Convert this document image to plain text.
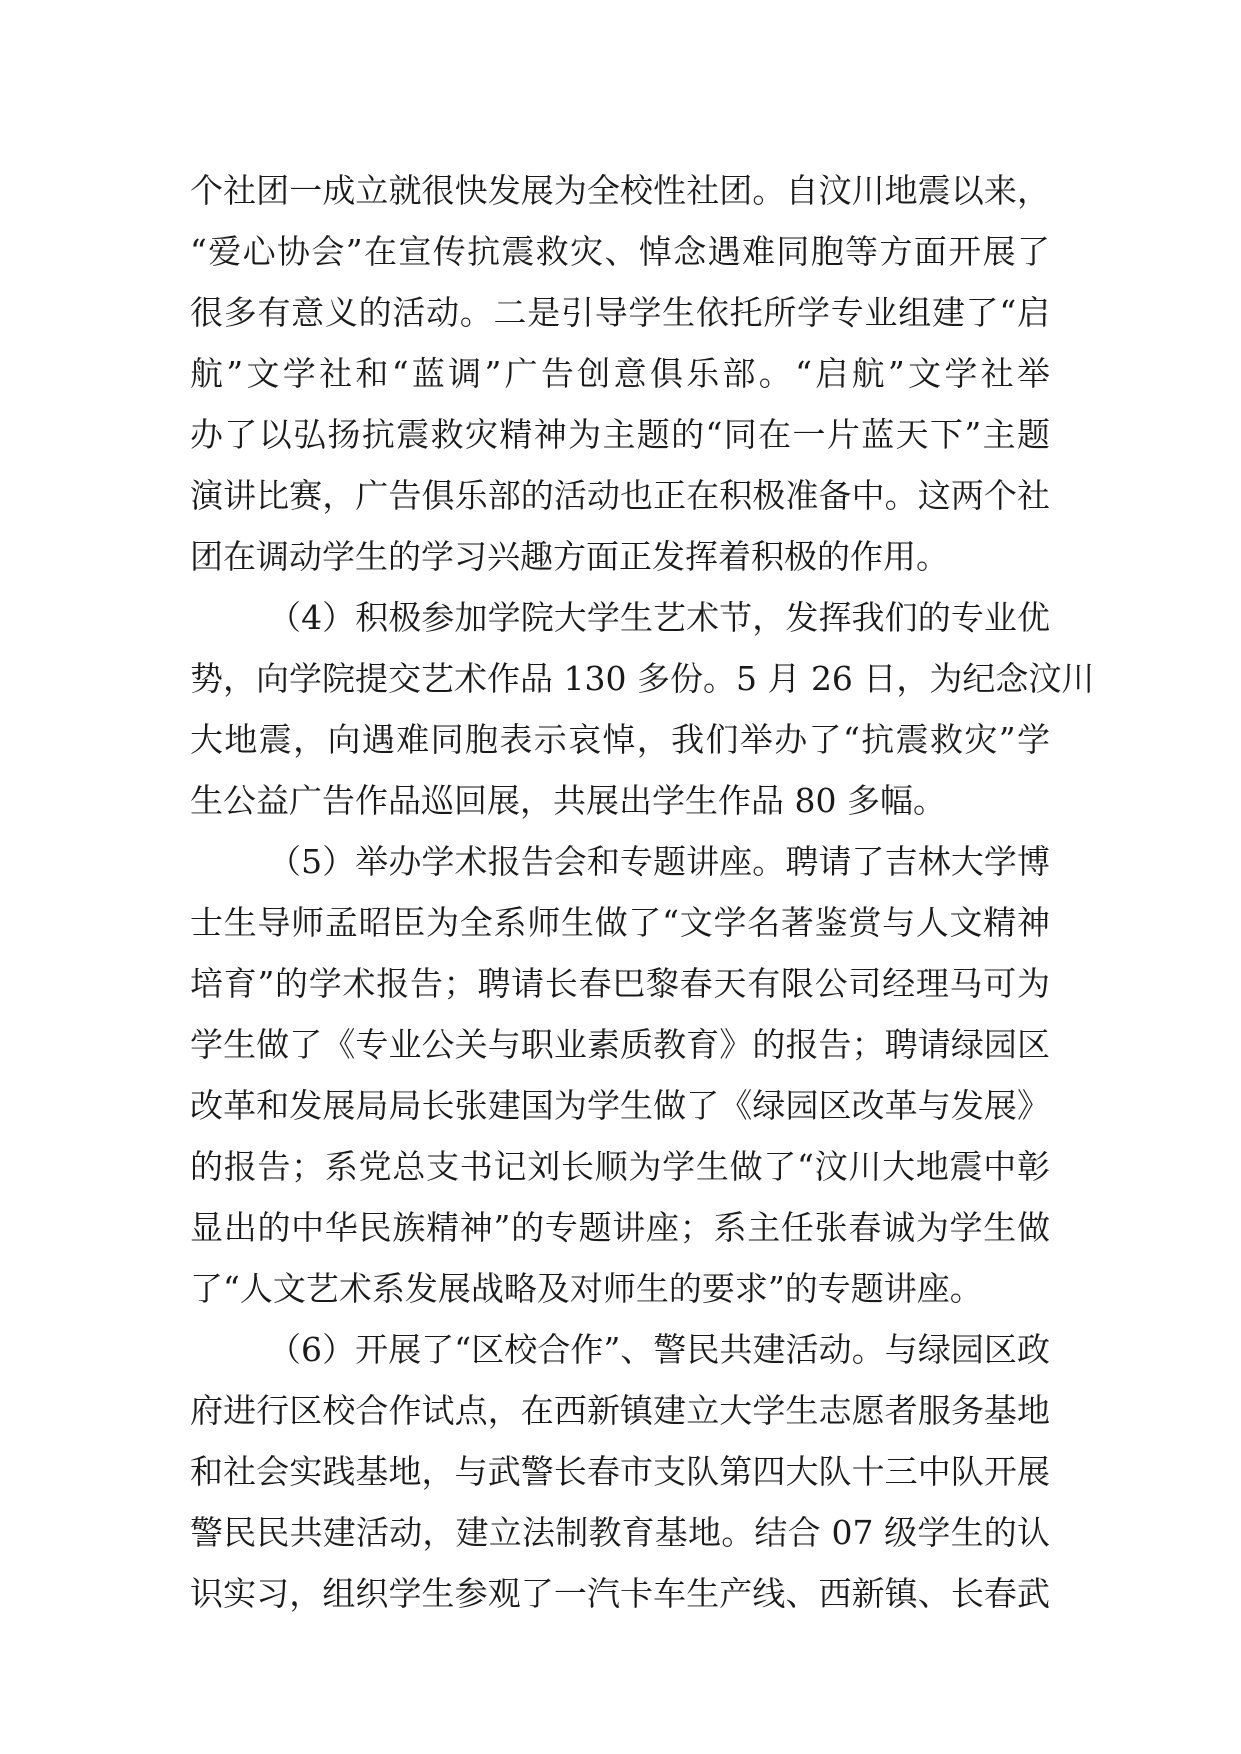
个社团一成立就很快发展为全校性社团。自汶川地震以来，
“爱心协会”在宣传抗震救灾、悼念遇难同胞等方面开展了
很多有意义的活动。二是引导学生依托所学专业组建了“启
航”文学社和“蓝调”广告创意俱乐部。“启航”文学社举
办了以弘扬抗震救灾精神为主题的“同在一片蓝天下”主题
演讲比赛，广告俱乐部的活动也正在积极准备中。这两个社
团在调动学生的学习兴趣方面正发挥着积极的作用。
（4）积极参加学院大学生艺术节，发挥我们的专业优
势，向学院提交艺术作品 130 多份。5 月 26 日，为纪念汶川
大地震，向遇难同胞表示哀悼，我们举办了“抗震救灾”学
生公益广告作品巡回展，共展出学生作品 80 多幅。
（5）举办学术报告会和专题讲座。聘请了吉林大学博
士生导师孟昭臣为全系师生做了“文学名著鉴赏与人文精神
培育”的学术报告；聘请长春巴黎春天有限公司经理马可为
学生做了《专业公关与职业素质教育》的报告；聘请绿园区
改革和发展局局长张建国为学生做了《绿园区改革与发展》
的报告；系党总支书记刘长顺为学生做了“汶川大地震中彰
显出的中华民族精神”的专题讲座；系主任张春诚为学生做
了“人文艺术系发展战略及对师生的要求”的专题讲座。
（6）开展了“区校合作”、警民共建活动。与绿园区政
府进行区校合作试点，在西新镇建立大学生志愿者服务基地
和社会实践基地，与武警长春市支队第四大队十三中队开展
警民民共建活动，建立法制教育基地。结合 07 级学生的认
识实习，组织学生参观了一汽卡车生产线、西新镇、长春武
